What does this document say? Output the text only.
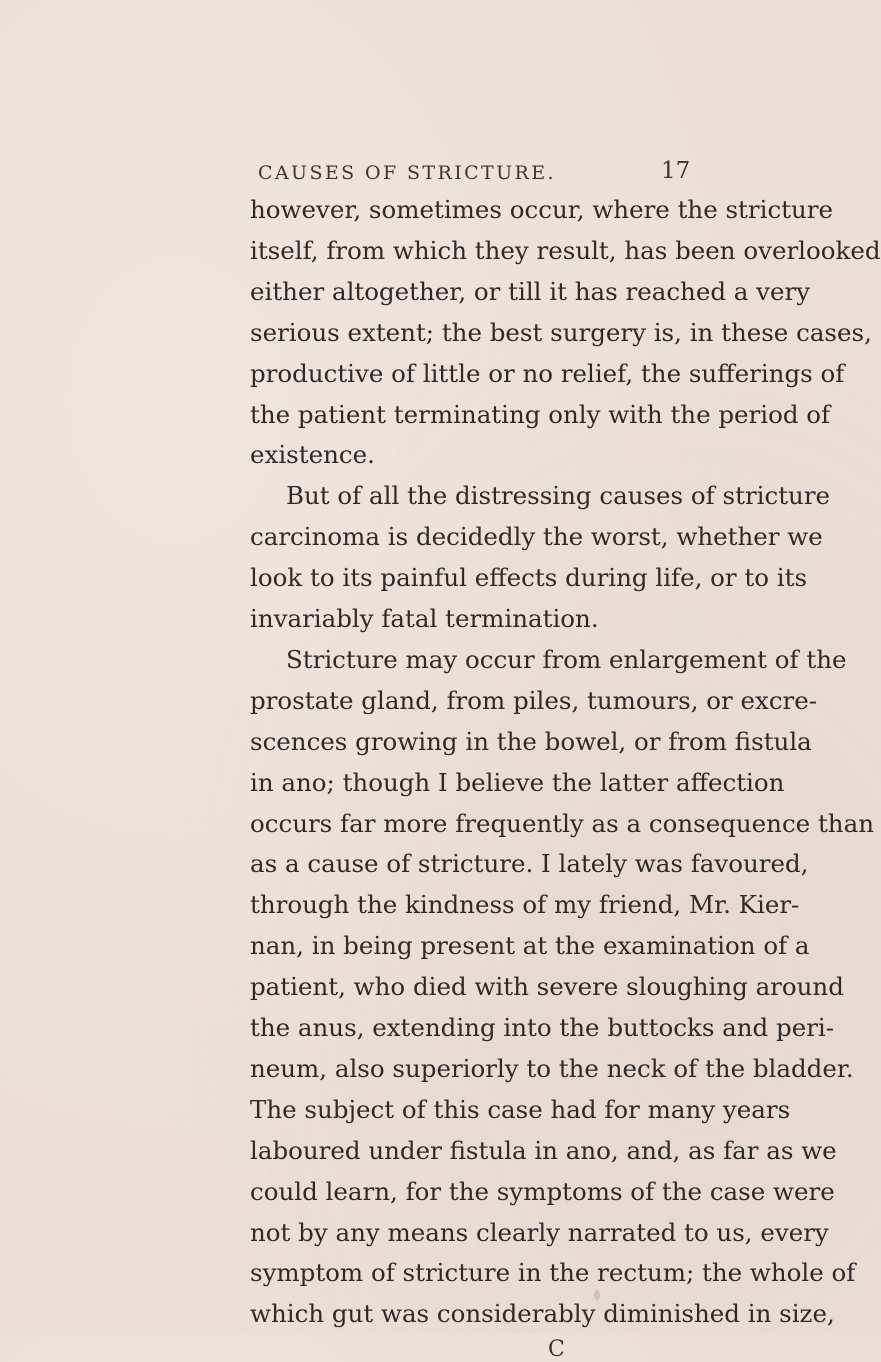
CAUSES OF STRICTURE.	17
however, sometimes occur, where the stricture
itself, from which they result, has been overlooked
either altogether, or till it has reached a very
serious extent; the best surgery is, in these cases,
productive of little or no relief, the sufferings of
the patient terminating only with the period of
existence.
But of all the distressing causes of stricture
carcinoma is decidedly the worst, whether we
look to its painful effects during life, or to its
invariably fatal termination.
Stricture may occur from enlargement of the
prostate gland, from piles, tumours, or excre-
scences growing in the bowel, or from fistula
in ano; though I believe the latter affection
occurs far more frequently as a consequence than
as a cause of stricture. I lately was favoured,
through the kindness of my friend, Mr. Kier-
nan, in being present at the examination of a
patient, who died with severe sloughing around
the anus, extending into the buttocks and peri-
neum, also superiorly to the neck of the bladder.
The subject of this case had for many years
laboured under fistula in ano, and, as far as we
could learn, for the symptoms of the case were
not by any means clearly narrated to us, every
symptom of stricture in the rectum; the whole of
which gut was considerably diminished in size,
C
